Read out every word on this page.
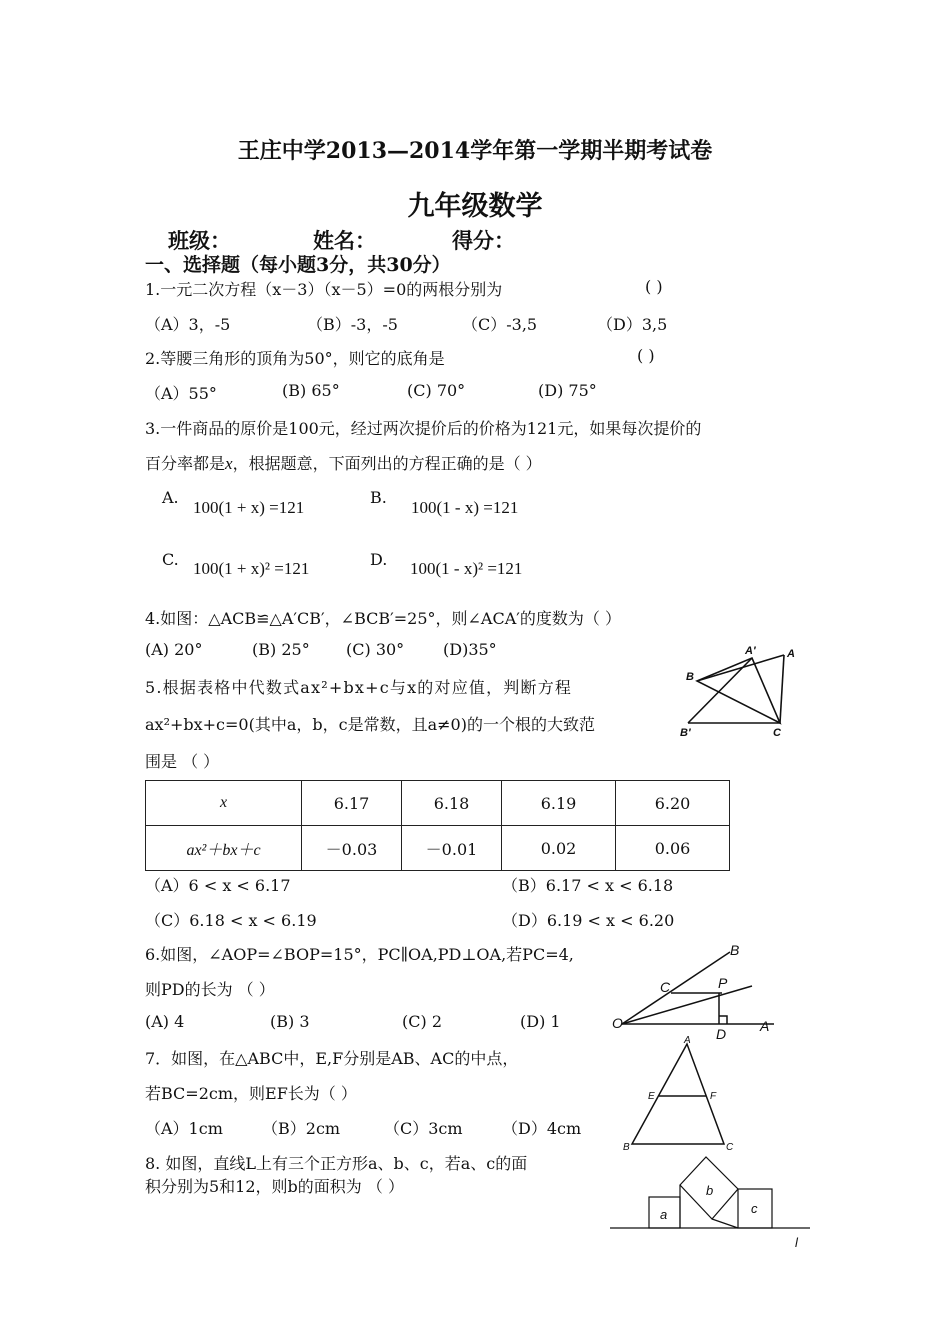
王庄中学2013—2014学年第一学期半期考试卷
九年级数学
班级：	姓名：	得分：
一、选择题（每小题3分，共30分）
1.一元二次方程（x－3）（x－5）=0的两根分别为	( )
（A）3，-5	（B）-3，-5	（C）-3,5	（D）3,5
2.等腰三角形的顶角为50°，则它的底角是	( )
（A）55°	(B) 65°	(C) 70°	(D) 75°
3.一件商品的原价是100元，经过两次提价后的价格为121元，如果每次提价的
百分率都是x，根据题意，下面列出的方程正确的是（ ）
A.
100(1 + x) =121
B.
100(1 - x) =121
C. 100(1 + x)² =121	D. 100(1 - x)² =121
4.如图：△ACB≌△A′CB′，∠BCB′=25°，则∠ACA′的度数为（ ）
(A) 20°	(B) 25° (C) 30° (D)35°	A′	A
B
B′	C
5.根据表格中代数式ax²+bx+c与x的对应值，判断方程
ax²+bx+c=0(其中a，b，c是常数，且a≠0)的一个根的大致范
围是 （ ）
x	6.17	6.18	6.19	6.20
ax²＋bx＋c	－0.03	－0.01	0.02	0.06
（A）6 < x < 6.17	（B）6.17 < x < 6.18
（C）6.18 < x < 6.19	（D）6.19 < x < 6.20
6.如图，∠AOP=∠BOP=15°，PC∥OA,PD⊥OA,若PC=4,
则PD的长为 （ ）
(A) 4	(B) 3	(C) 2	(D) 1
B
C	P
O
D A
7．如图，在△ABC中，E,F分别是AB、AC的中点，
若BC=2cm，则EF长为（ ）
（A）1cm （B）2cm	（C）3cm （D）4cm
A
E	F
B	C
8. 如图，直线L上有三个正方形a、b、c，若a、c的面
积分别为5和12，则b的面积为 （ ）
a
b
c
l
